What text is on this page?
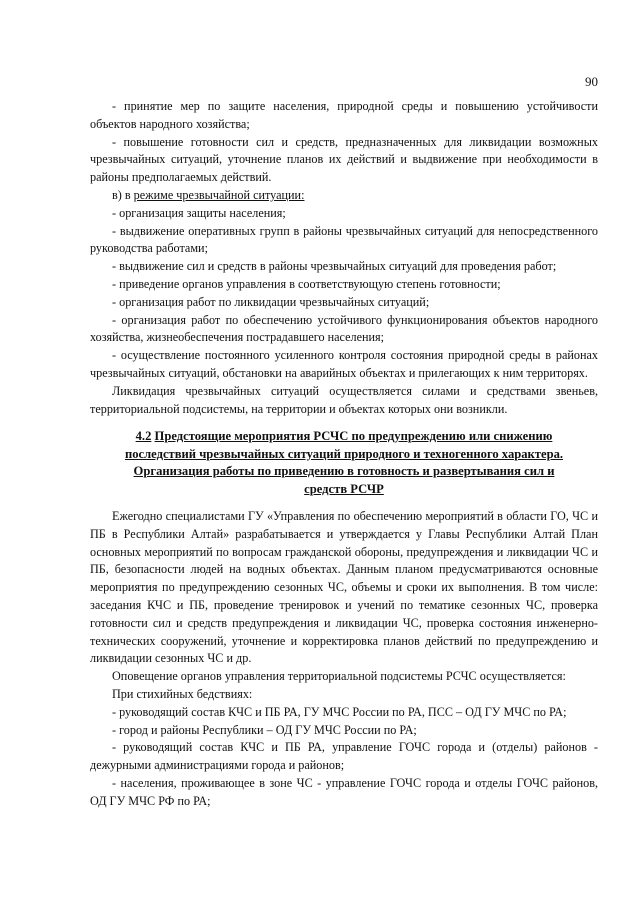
90

- принятие мер по защите населения, природной среды и повышению устойчивости объектов народного хозяйства;

- повышение готовности сил и средств, предназначенных для ликвидации возможных чрезвычайных ситуаций, уточнение планов их действий и выдвижение при необходимости в районы предполагаемых действий.

в) в режиме чрезвычайной ситуации:

- организация защиты населения;

- выдвижение оперативных групп в районы чрезвычайных ситуаций для непосредственного руководства работами;

- выдвижение сил и средств в районы чрезвычайных ситуаций для проведения работ;

- приведение органов управления в соответствующую степень готовности;

- организация работ по ликвидации чрезвычайных ситуаций;

- организация работ по обеспечению устойчивого функционирования объектов народного хозяйства, жизнеобеспечения пострадавшего населения;

- осуществление постоянного усиленного контроля состояния природной среды в районах чрезвычайных ситуаций, обстановки на аварийных объектах и прилегающих к ним территорях.

Ликвидация чрезвычайных ситуаций осуществляется силами и средствами звеньев, территориальной подсистемы, на территории и объектах которых они возникли.

4.2 Предстоящие мероприятия РСЧС по предупреждению или снижению
последствий чрезвычайных ситуаций природного и техногенного характера.
Организация работы по приведению в готовность и развертывания сил и
средств РСЧР

Ежегодно специалистами ГУ «Управления по обеспечению мероприятий в области ГО, ЧС и ПБ в Республики Алтай» разрабатывается и утверждается у Главы Республики Алтай План основных мероприятий по вопросам гражданской обороны, предупреждения и ликвидации ЧС и ПБ, безопасности людей на водных объектах. Данным планом предусматриваются основные мероприятия по предупреждению сезонных ЧС, объемы и сроки их выполнения. В том числе: заседания КЧС и ПБ, проведение тренировок и учений по тематике сезонных ЧС, проверка готовности сил и средств предупреждения и ликвидации ЧС, проверка состояния инженерно-технических сооружений, уточнение и корректировка планов действий по предупреждению и ликвидации сезонных ЧС и др.

Оповещение органов управления территориальной подсистемы РСЧС осуществляется:

При стихийных бедствиях:

- руководящий состав КЧС и ПБ РА, ГУ МЧС России по РА, ПСС – ОД ГУ МЧС по РА;

- город и районы Республики – ОД ГУ МЧС России по РА;

- руководящий состав КЧС и ПБ РА, управление ГОЧС города и (отделы) районов - дежурными администрациями города и районов;

- населения, проживающее в зоне ЧС - управление ГОЧС города и отделы ГОЧС районов, ОД ГУ МЧС РФ по РА;
